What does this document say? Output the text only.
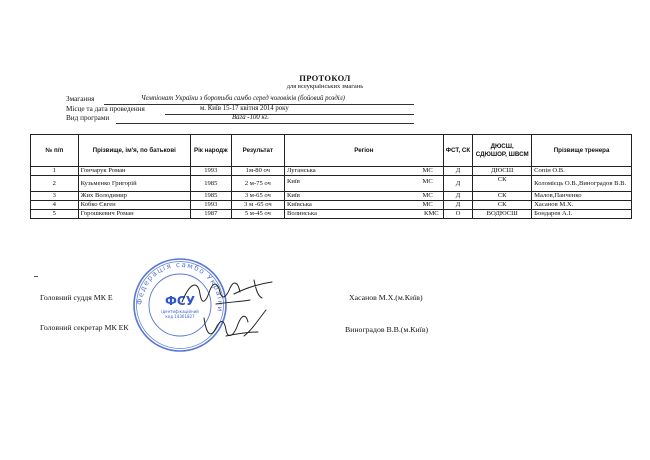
ПРОТОКОЛ
для всеукраїнських змагань
Змагання	Чемпіонат України з боротьби самбо серед чоловіків (бойовий розділ)
Місце та дата проведення	м. Київ 15-17 квітня 2014 року
Вид програми	Вага -100 кг.
№ п/п	Прізвище, ім'я, по батькові	Рік народж	Результат	Регіон	ФСТ, СК	ДЮСШ, СДЮШОР, ШВСМ	Прізвище тренера
1	Гончарук Роман	1993	1м-80 оч	Луганська МС	Д	ДЮСШ	Сопін О.В.
2	Кузьменко Григорій	1985	2 м-75 оч	Київ МС	Д	СК	Коломієць О.В.,Виноградов В.В.
3	Жих Володимир	1985	3 м-65 оч	Київ МС	Д	СК	Малов,Панченко
4	Кобко Євген	1993	3 м -65 оч	Київська МС	Д	СК	Хасанов М.Х.
5	Горошкевич Роман	1987	5 м-45 оч	Волинська КМС	О	ВОДЮСШ	Бондарев А.І.
Головний суддя МК Е	Хасанов М.Х.(м.Київ)
Головний секретар МК ЕК	Виноградов В.В.(м.Київ)
Федерація самбо України
ФСУ
ідентифікаційний код 14361827
